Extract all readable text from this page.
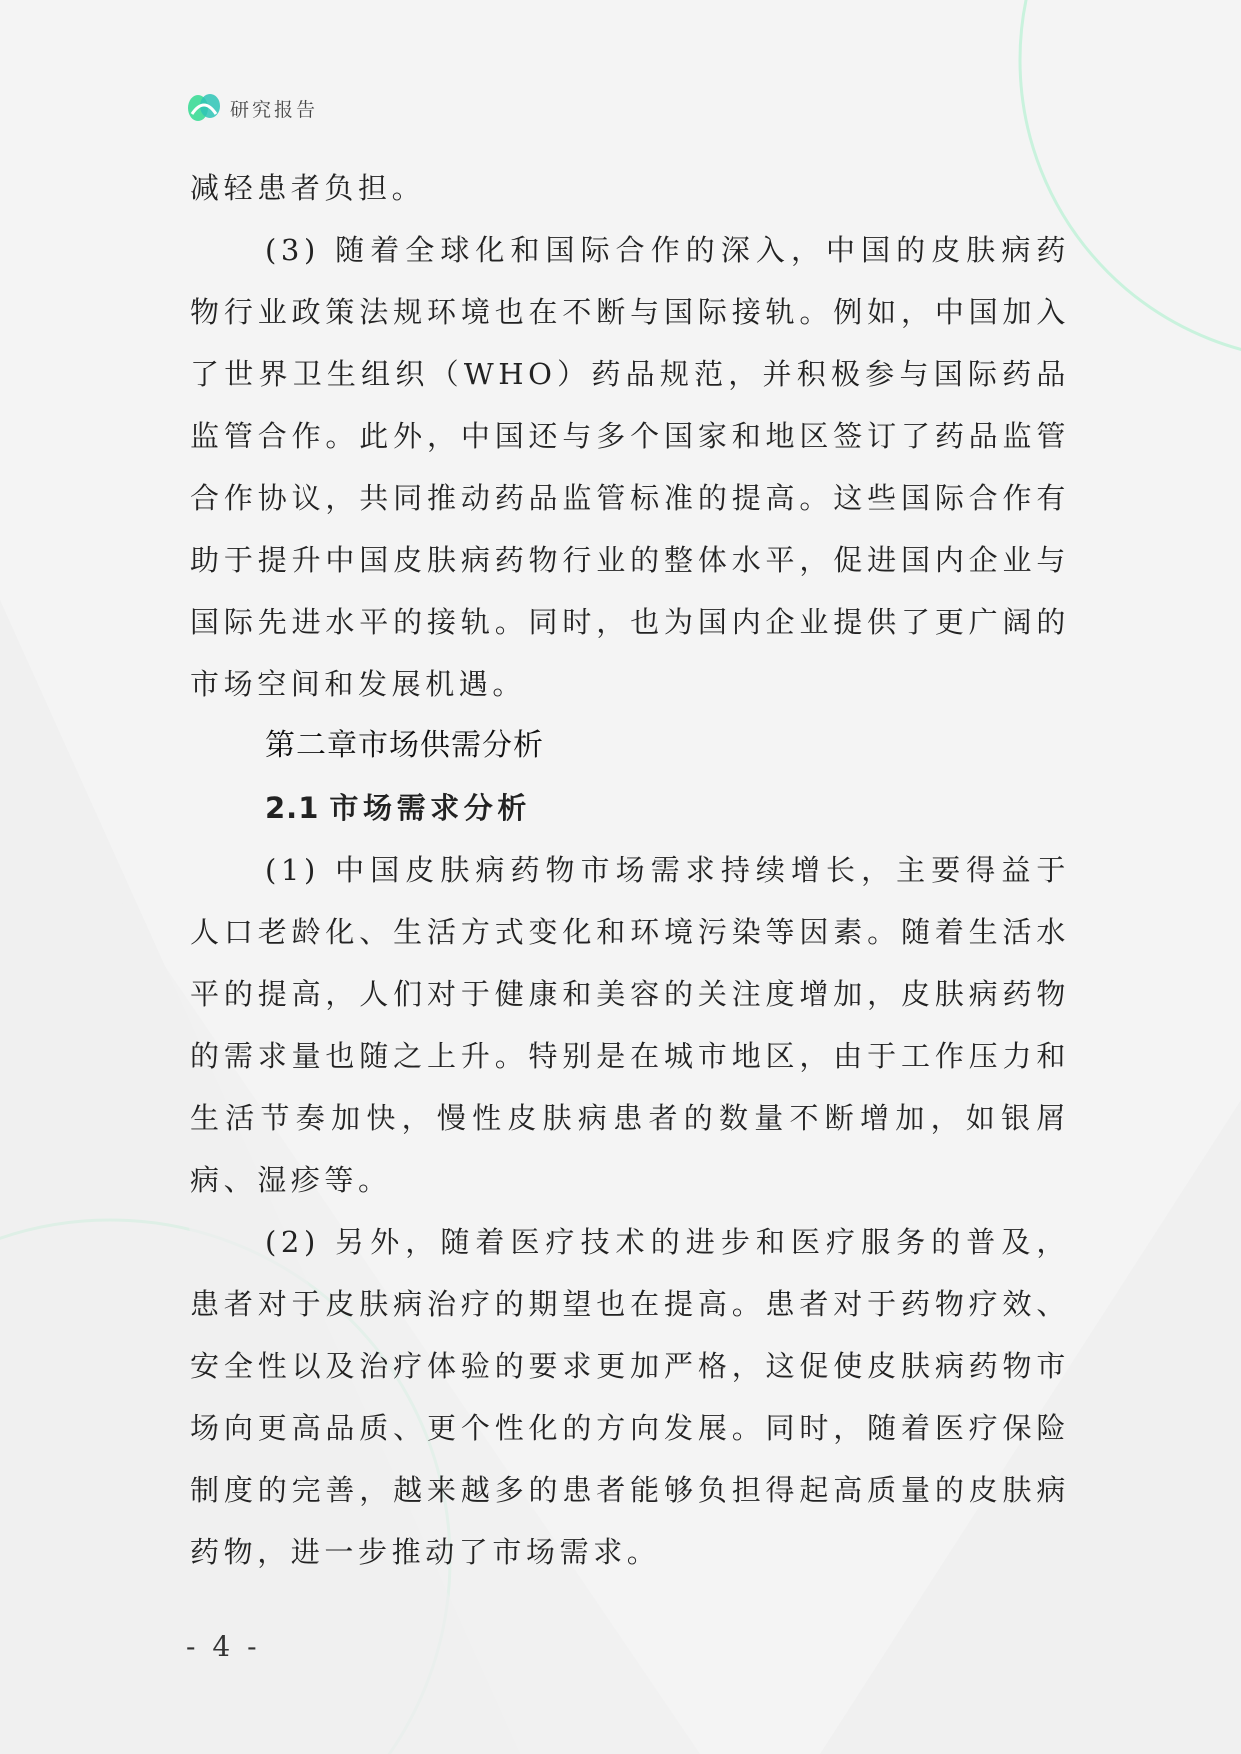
研究报告

减轻患者负担。

(3) 随着全球化和国际合作的深入，中国的皮肤病药物行业政策法规环境也在不断与国际接轨。例如，中国加入了世界卫生组织（WHO）药品规范，并积极参与国际药品监管合作。此外，中国还与多个国家和地区签订了药品监管合作协议，共同推动药品监管标准的提高。这些国际合作有助于提升中国皮肤病药物行业的整体水平，促进国内企业与国际先进水平的接轨。同时，也为国内企业提供了更广阔的市场空间和发展机遇。

第二章市场供需分析
2.1 市场需求分析

(1) 中国皮肤病药物市场需求持续增长，主要得益于人口老龄化、生活方式变化和环境污染等因素。随着生活水平的提高，人们对于健康和美容的关注度增加，皮肤病药物的需求量也随之上升。特别是在城市地区，由于工作压力和生活节奏加快，慢性皮肤病患者的数量不断增加，如银屑病、湿疹等。

(2) 另外，随着医疗技术的进步和医疗服务的普及，患者对于皮肤病治疗的期望也在提高。患者对于药物疗效、安全性以及治疗体验的要求更加严格，这促使皮肤病药物市场向更高品质、更个性化的方向发展。同时，随着医疗保险制度的完善，越来越多的患者能够负担得起高质量的皮肤病药物，进一步推动了市场需求。

- 4 -
